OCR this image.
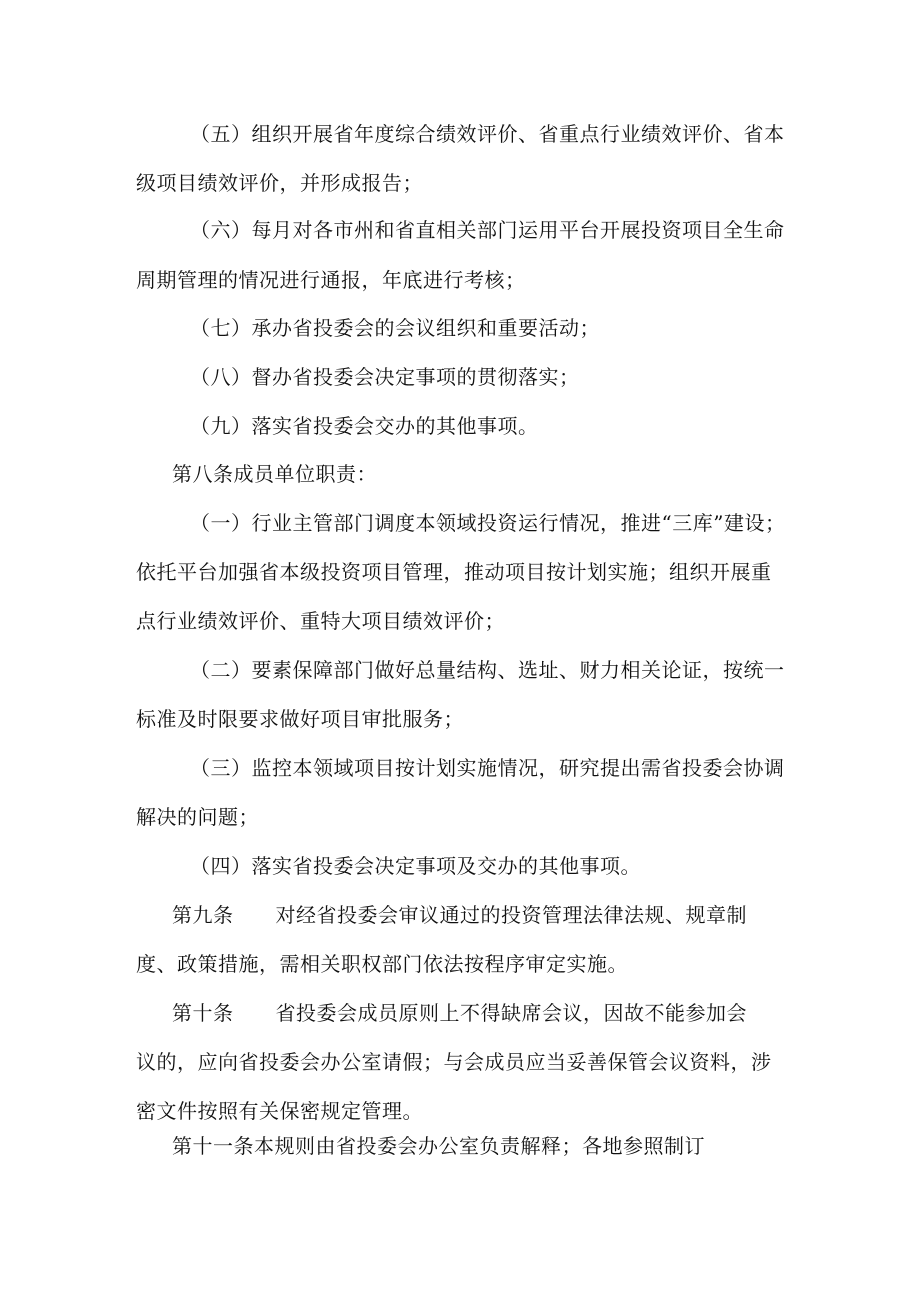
（五）组织开展省年度综合绩效评价、省重点行业绩效评价、省本
级项目绩效评价，并形成报告；
（六）每月对各市州和省直相关部门运用平台开展投资项目全生命
周期管理的情况进行通报，年底进行考核；
（七）承办省投委会的会议组织和重要活动；
（八）督办省投委会决定事项的贯彻落实；
（九）落实省投委会交办的其他事项。
第八条成员单位职责：
（一）行业主管部门调度本领域投资运行情况，推进“三库”建设；
依托平台加强省本级投资项目管理，推动项目按计划实施；组织开展重
点行业绩效评价、重特大项目绩效评价；
（二）要素保障部门做好总量结构、选址、财力相关论证，按统一
标准及时限要求做好项目审批服务；
（三）监控本领域项目按计划实施情况，研究提出需省投委会协调
解决的问题；
（四）落实省投委会决定事项及交办的其他事项。
第九条 对经省投委会审议通过的投资管理法律法规、规章制
度、政策措施，需相关职权部门依法按程序审定实施。
第十条 省投委会成员原则上不得缺席会议，因故不能参加会
议的，应向省投委会办公室请假；与会成员应当妥善保管会议资料，涉
密文件按照有关保密规定管理。
第十一条本规则由省投委会办公室负责解释；各地参照制订
